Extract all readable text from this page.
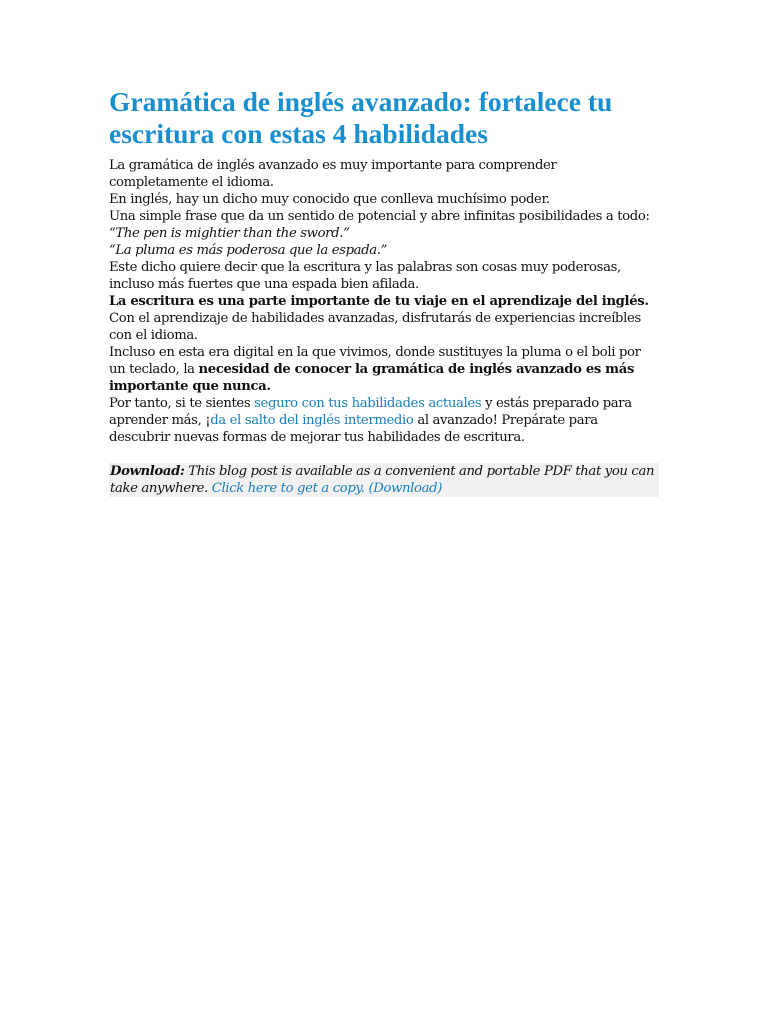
Gramática de inglés avanzado: fortalece tu escritura con estas 4 habilidades
La gramática de inglés avanzado es muy importante para comprender completamente el idioma.
En inglés, hay un dicho muy conocido que conlleva muchísimo poder.
Una simple frase que da un sentido de potencial y abre infinitas posibilidades a todo:
“The pen is mightier than the sword.”
“La pluma es más poderosa que la espada.”
Este dicho quiere decir que la escritura y las palabras son cosas muy poderosas, incluso más fuertes que una espada bien afilada.
La escritura es una parte importante de tu viaje en el aprendizaje del inglés.
Con el aprendizaje de habilidades avanzadas, disfrutarás de experiencias increíbles con el idioma.
Incluso en esta era digital en la que vivimos, donde sustituyes la pluma o el boli por un teclado, la necesidad de conocer la gramática de inglés avanzado es más importante que nunca.
Por tanto, si te sientes seguro con tus habilidades actuales y estás preparado para aprender más, ¡da el salto del inglés intermedio al avanzado! Prepárate para descubrir nuevas formas de mejorar tus habilidades de escritura.
Download: This blog post is available as a convenient and portable PDF that you can take anywhere. Click here to get a copy. (Download)
